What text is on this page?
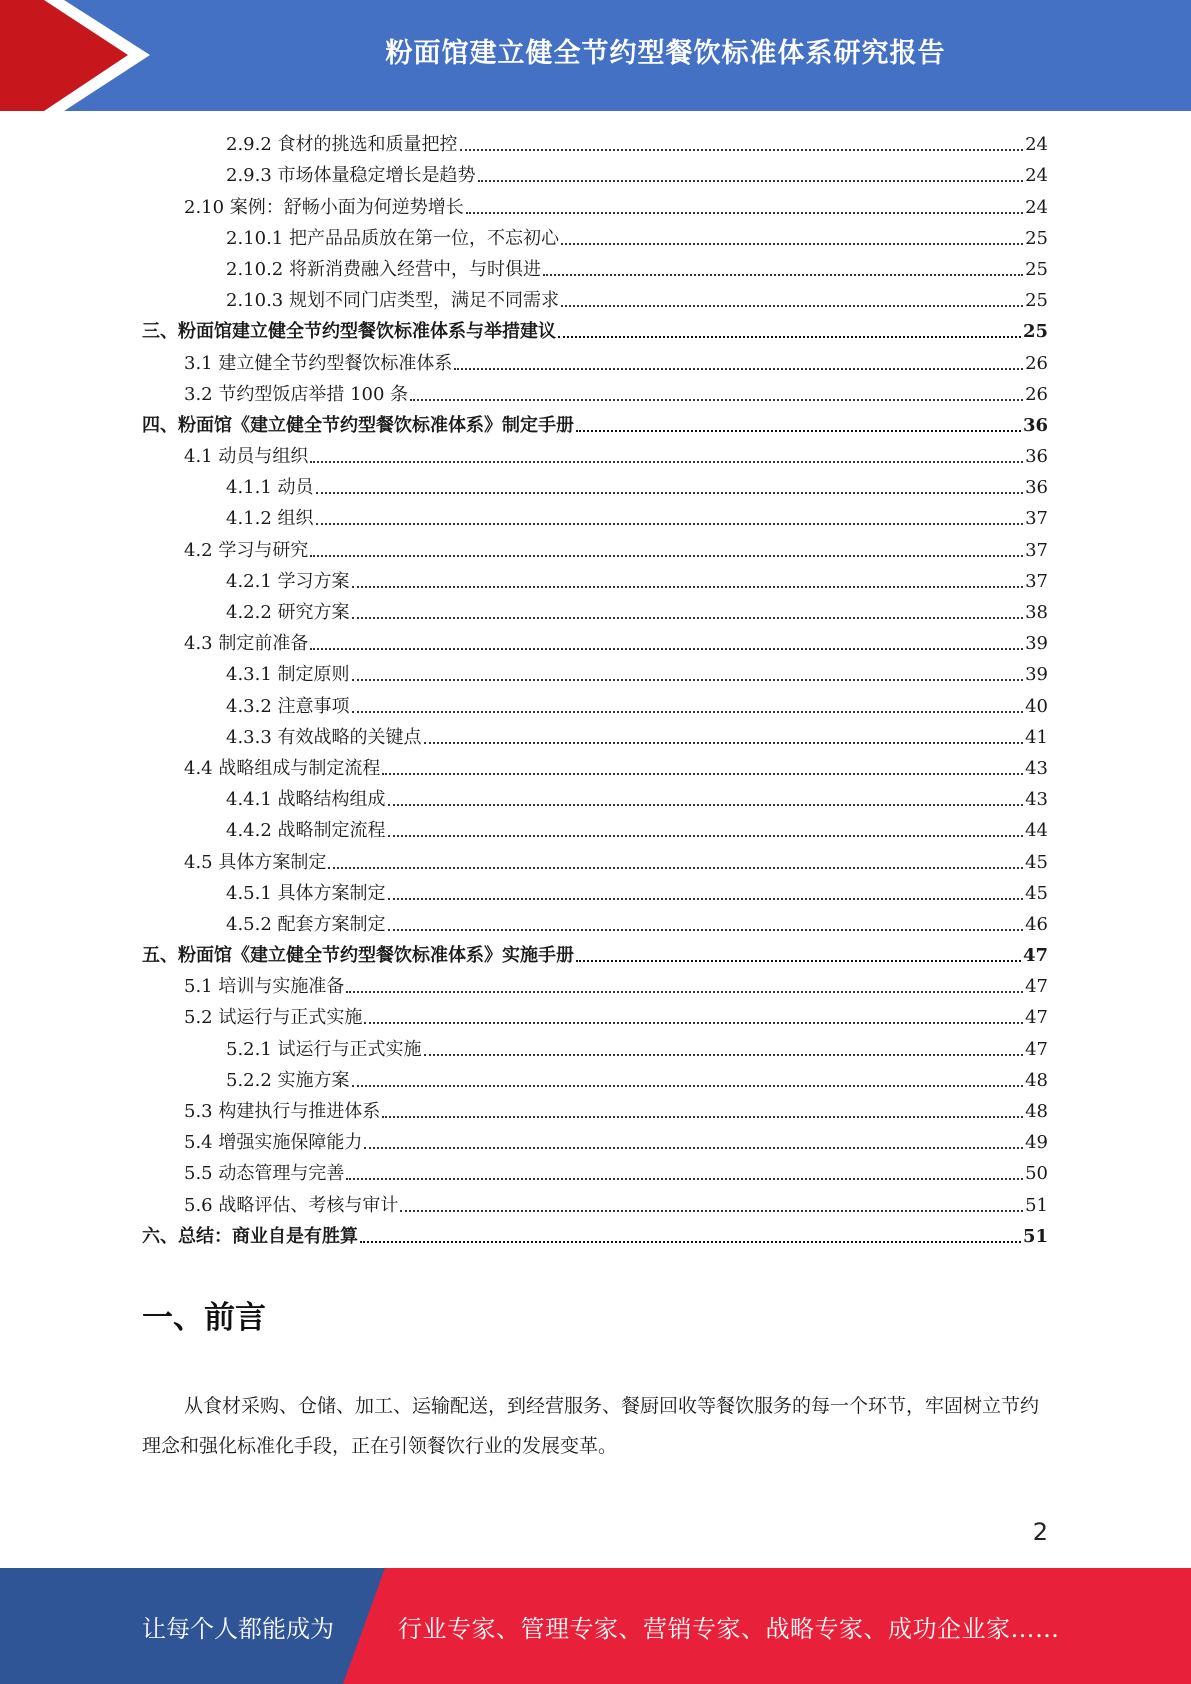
粉面馆建立健全节约型餐饮标准体系研究报告
2.9.2 食材的挑选和质量把控	24
2.9.3 市场体量稳定增长是趋势	24
2.10 案例：舒畅小面为何逆势增长	24
2.10.1 把产品品质放在第一位，不忘初心	25
2.10.2 将新消费融入经营中，与时俱进	25
2.10.3 规划不同门店类型，满足不同需求	25
三、粉面馆建立健全节约型餐饮标准体系与举措建议	25
3.1 建立健全节约型餐饮标准体系	26
3.2 节约型饭店举措 100 条	26
四、粉面馆《建立健全节约型餐饮标准体系》制定手册	36
4.1 动员与组织	36
4.1.1 动员	36
4.1.2 组织	37
4.2 学习与研究	37
4.2.1 学习方案	37
4.2.2 研究方案	38
4.3 制定前准备	39
4.3.1 制定原则	39
4.3.2 注意事项	40
4.3.3 有效战略的关键点	41
4.4 战略组成与制定流程	43
4.4.1 战略结构组成	43
4.4.2 战略制定流程	44
4.5 具体方案制定	45
4.5.1 具体方案制定	45
4.5.2 配套方案制定	46
五、粉面馆《建立健全节约型餐饮标准体系》实施手册	47
5.1 培训与实施准备	47
5.2 试运行与正式实施	47
5.2.1 试运行与正式实施	47
5.2.2 实施方案	48
5.3 构建执行与推进体系	48
5.4 增强实施保障能力	49
5.5 动态管理与完善	50
5.6 战略评估、考核与审计	51
六、总结：商业自是有胜算	51
一、前言
从食材采购、仓储、加工、运输配送，到经营服务、餐厨回收等餐饮服务的每一个环节，牢固树立节约理念和强化标准化手段，正在引领餐饮行业的发展变革。
2
让每个人都能成为	行业专家、管理专家、营销专家、战略专家、成功企业家……
